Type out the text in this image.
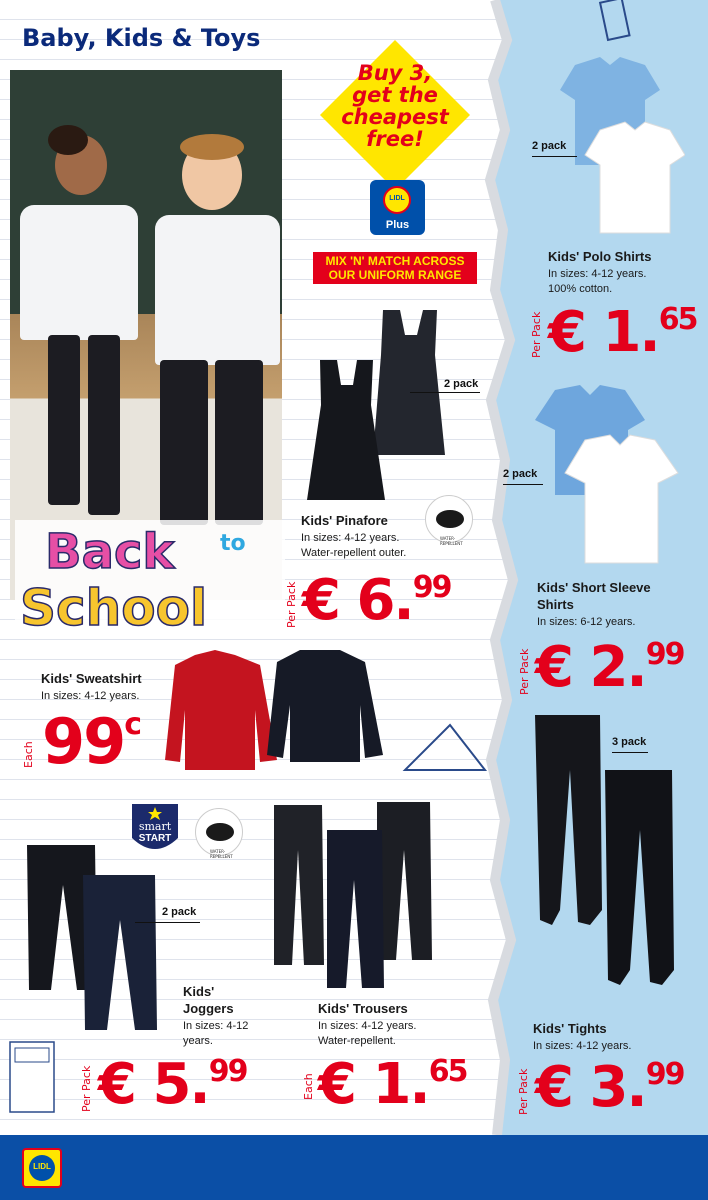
Baby, Kids & Toys
Back to
School
Buy 3,
get the
cheapest
free!
LIDL
Plus
MIX 'N' MATCH ACROSS
OUR UNIFORM RANGE
2 pack
Kids' Pinafore
In sizes: 4-12 years.
Water-repellent outer.
WATER-REPELLENT
Per Pack € 6.99
2 pack
Kids' Polo Shirts
In sizes: 4-12 years.
100% cotton.
Per Pack € 1.65
2 pack
Kids' Short Sleeve
Shirts
In sizes: 6-12 years.
Per Pack € 2.99
Kids' Sweatshirt
In sizes: 4-12 years.
Each 99c
smart
START
WATER-REPELLENT
2 pack
Kids'
Joggers
In sizes: 4-12
years.
Per Pack € 5.99
Kids' Trousers
In sizes: 4-12 years.
Water-repellent.
Each € 1.65
3 pack
Kids' Tights
In sizes: 4-12 years.
Per Pack € 3.99
LIDL
